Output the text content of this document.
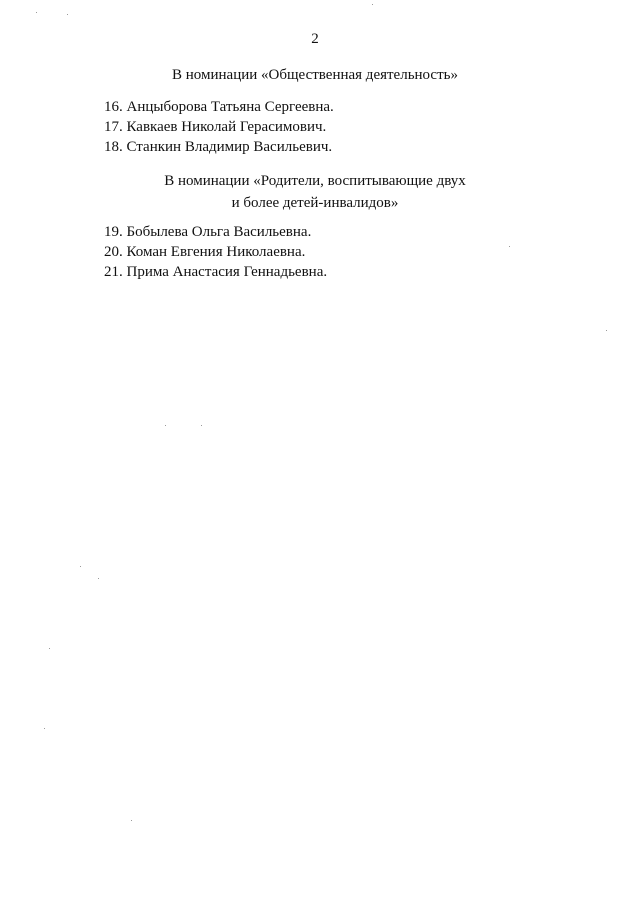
2

В номинации «Общественная деятельность»

16. Анцыборова Татьяна Сергеевна.
17. Кавкаев Николай Герасимович.
18. Станкин Владимир Васильевич.

В номинации «Родители, воспитывающие двух
и более детей-инвалидов»

19. Бобылева Ольга Васильевна.
20. Коман Евгения Николаевна.
21. Прима Анастасия Геннадьевна.
